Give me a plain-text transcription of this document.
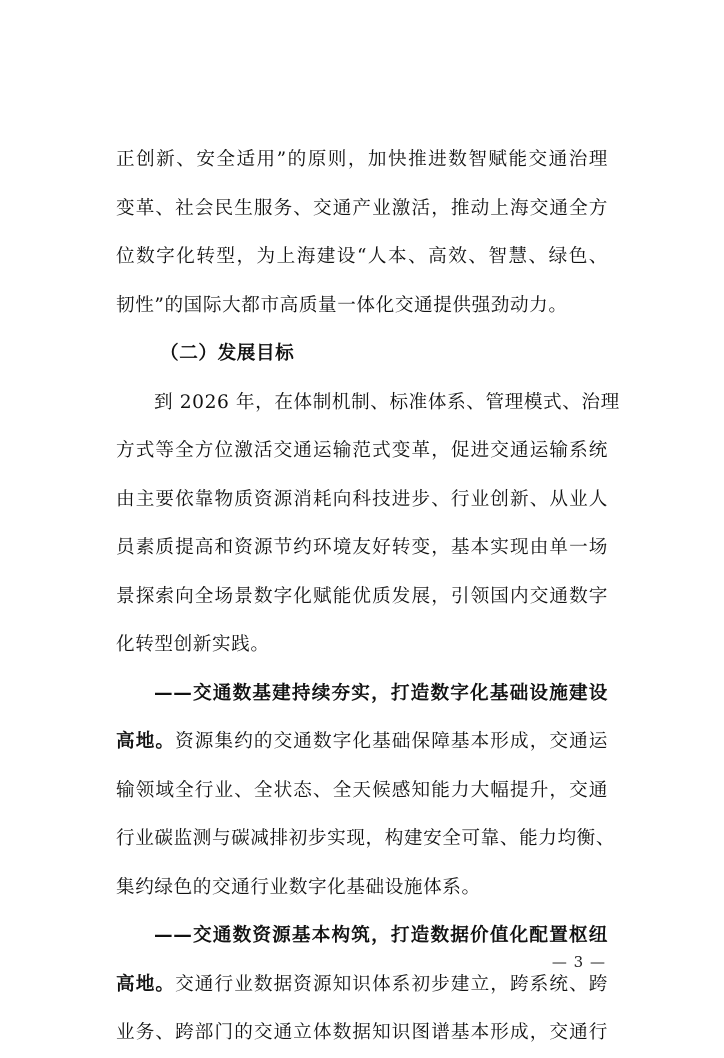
正创新、安全适用”的原则，加快推进数智赋能交通治理
变革、社会民生服务、交通产业激活，推动上海交通全方
位数字化转型，为上海建设“人本、高效、智慧、绿色、
韧性”的国际大都市高质量一体化交通提供强劲动力。
（二）发展目标
到 2026 年，在体制机制、标准体系、管理模式、治理
方式等全方位激活交通运输范式变革，促进交通运输系统
由主要依靠物质资源消耗向科技进步、行业创新、从业人
员素质提高和资源节约环境友好转变，基本实现由单一场
景探索向全场景数字化赋能优质发展，引领国内交通数字
化转型创新实践。
——交通数基建持续夯实，打造数字化基础设施建设
高地。资源集约的交通数字化基础保障基本形成，交通运
输领域全行业、全状态、全天候感知能力大幅提升，交通
行业碳监测与碳减排初步实现，构建安全可靠、能力均衡、
集约绿色的交通行业数字化基础设施体系。
——交通数资源基本构筑，打造数据价值化配置枢纽
高地。交通行业数据资源知识体系初步建立，跨系统、跨
业务、跨部门的交通立体数据知识图谱基本形成，交通行
— 3 —
